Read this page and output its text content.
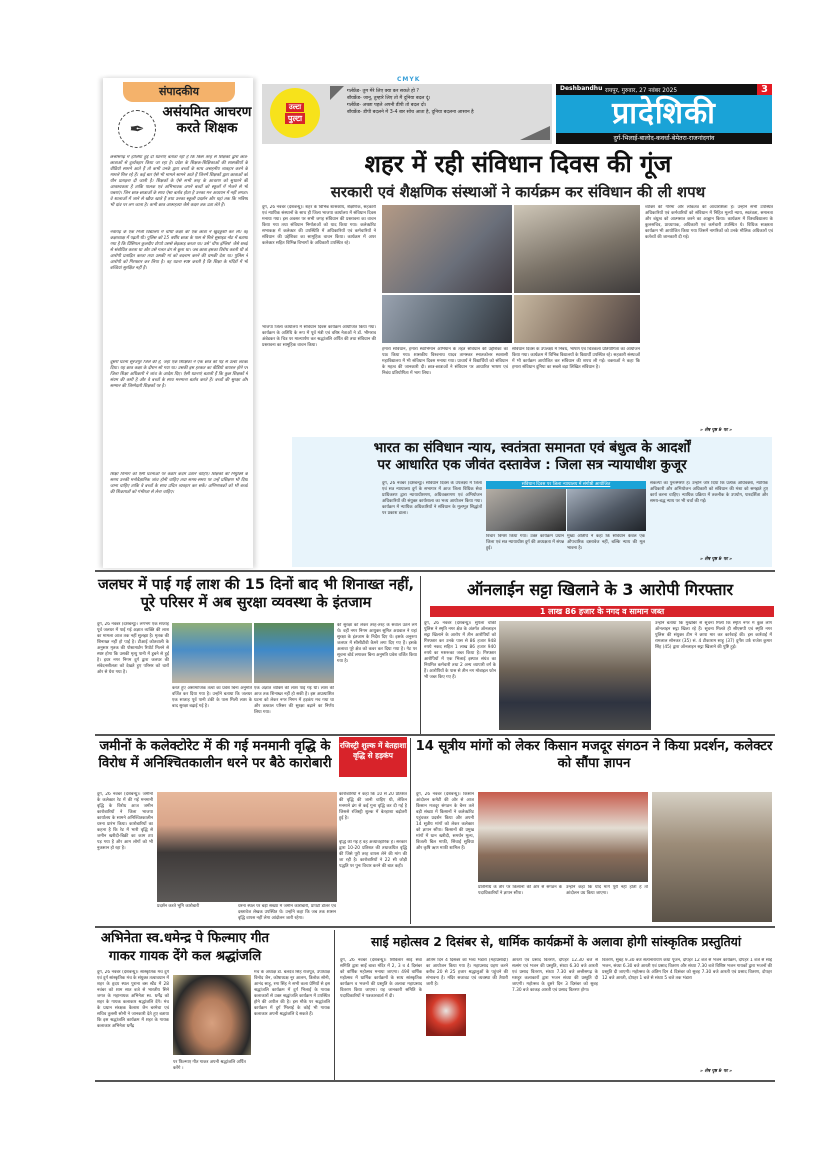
CMYK
संपादकीय
✒
असंयमित आचरण करते शिक्षक
छत्तीसगढ़ में हालिया हुई दो घटनाएं बताता रही हैं कि किस तरह से शिक्षकों द्वारा छात्र-छात्राओं से दुर्व्यवहार किया जा रहा है। प्रदेश के शिक्षक-शिक्षिकाओं की शासकीयों के वीडियो सामने आते हैं तो कभी उनके द्वारा बच्चों के साथ असहनीय व्यवहार करने के मामले मिल रहे हैं। कई बार ऐसे भी मामले सामने आते हैं जिनमें शिक्षकों द्वारा छात्राओं को यौन प्रताड़ना दी जाती है। शिक्षकों के ऐसे सभी तरह के आचरण को सुधारने की आवश्यकता है ताकि पालक एवं अभिभावक अपने बच्चों को स्कूलों में भेजने से भी घबराएं। जिन छात्र-छात्राओं के साथ ऐसा बर्ताव होता है उनका मन अध्ययन में नहीं लगता। वे शालाओं में जाने से खौफ खाते हैं तथा उनका स्कूली प्रदर्शन और यहां तक कि भविष्य भी दांव पर लग जाता है। कभी छात्र आत्महत्या जैसे कदम तक उठा लेते हैं।
नवागढ़ के एक निजी विद्यालय में चौथी कक्षा की एक छात्रा ने खुदकुशी कर ली। वह कक्षाध्यक्ष में पढ़ती थी। पुलिस को 15 वर्षीय छात्रा के पास से मिले सुसाइड नोट में बताया गया है कि प्रिंसिपल कुलदीप टोप्पो उससे छेड़छाड़ करता था। उसे 'चीफ इंग्लिश' जैसे शब्दों से संबोधित करता था और उसे गलत ढंग से छूता था। जब छात्रा इसका विरोध करती थी तो आरोपी प्रताड़ित करता तथा उसकी मां को बदनाम करने की धमकी देता था। पुलिस ने आरोपी को गिरफ्तार कर लिया है। वह घटना स्पष्ट करती है कि शिक्षा के मंदिरों में भी बच्चियां सुरक्षित नहीं हैं।
दूसरी घटना सूरजपुर जिले की है, जहां एक शिक्षिका ने एक छात्र को पेड़ से उल्टा लटका दिया। यह छात्र कक्षा के दौरान सो गया था। उसकी इस हरकत का वीडियो वायरल होने पर जिला शिक्षा अधिकारी ने जांच के आदेश दिए। ऐसी घटनाएं बताती हैं कि कुछ शिक्षकों में संयम की कमी है और वे बच्चों के साथ मनमाना बर्ताव करते हैं। बच्चों की सुरक्षा और सम्मान की जिम्मेदारी शिक्षकों पर है।
शिक्षा विभाग को ऐसी घटनाओं पर कठोर कदम उठाने चाहिए। शिक्षकों की नियुक्ति के समय उनकी मनोवैज्ञानिक जांच होनी चाहिए तथा समय-समय पर उन्हें प्रशिक्षण भी दिया जाना चाहिए ताकि वे बच्चों के साथ उचित व्यवहार कर सकें। अभिभावकों को भी बच्चों की शिकायतों को गंभीरता से लेना चाहिए।
उल्टा
पुल्टा
गर्लफ्रेंड- तुम मेरे लिए क्या कर सकते हो ?
बॉयफ्रेंड- जानू, तुम्हारे लिए तो मैं दुनिया बदल दूं।
गर्लफ्रेंड- अच्छा पहले अपनी डीपी तो बदल दो।
बॉयफ्रेंड- डीपी बदलने में 3-4 बार सोच आता है, दुनिया बदलना आसान है
Deshbandhu रायपुर, गुरुवार, 27 नवंबर 2025	3
प्रादेशिकी
दुर्ग-भिलाई-बालोद-कवर्धा-बेमेतरा-राजनांदगांव
शहर में रही संविधान दिवस की गूंज
सरकारी एवं शैक्षणिक संस्थाओं ने कार्यक्रम कर संविधान की ली शपथ
दुर्ग, 26 नवंबर (देशबन्धु)। शहर के विभिन्न शासकीय, शैक्षणिक, सहकारी एवं न्यायिक संस्थानों के साथ ही जिला भाजपा कार्यालय में संविधान दिवस मनाया गया। इस अवसर पर सभी जगह संविधान की प्रस्तावना का वाचन किया गया तथा संविधान निर्माताओं को याद किया गया। कलेक्टोरेट सभाकक्ष में कलेक्टर की उपस्थिति में अधिकारियों एवं कर्मचारियों ने संविधान की उद्देशिका का सामूहिक वाचन किया। कार्यक्रम में अपर कलेक्टर सहित विभिन्न विभागों के अधिकारी उपस्थित रहे।
भाजपा जिला कार्यालय में संविधान दिवस कार्यक्रम आयोजित किया गया। कार्यक्रम के अतिथि के रूप में पूर्व मंत्री एवं वरिष्ठ नेताओं ने डॉ. भीमराव अंबेडकर के चित्र पर माल्यार्पण कर श्रद्धांजलि अर्पित की तथा संविधान की प्रस्तावना का सामूहिक वाचन किया।
हमारा संविधान, हमारा स्वाभिमान अभियान के तहत संविधान की उद्देशिका का पाठ किया गया। शासकीय विश्वनाथ यादव तामस्कर स्नातकोत्तर स्वशासी महाविद्यालय में भी संविधान दिवस मनाया गया। प्राचार्य ने विद्यार्थियों को संविधान के महत्व की जानकारी दी। छात्र-छात्राओं ने संविधान पर आधारित भाषण एवं निबंध प्रतियोगिता में भाग लिया।
संविधान दिवस के उपलक्ष्य में निबंध, भाषण एवं चित्रकला प्रतियोगिता का आयोजन किया गया। कार्यक्रम में विभिन्न विद्यालयों के विद्यार्थी उपस्थित रहे। सहकारी संस्थाओं में भी कार्यक्रम आयोजित कर संविधान की शपथ ली गई। वक्ताओं ने कहा कि हमारा संविधान दुनिया का सबसे बड़ा लिखित संविधान है।
व्यक्ति की गरिमा और लोकतंत्र की आधारशिला है। उन्होंने सभी उपस्थित अधिकारियों एवं कर्मचारियों को संविधान में निहित मूल्यों न्याय, स्वतंत्रता, समानता और बंधुत्व को आत्मसात करने का आह्वान किया। कार्यक्रम में विश्वविद्यालय के कुलसचिव, प्राध्यापक, अधिकारी एवं कर्मचारी उपस्थित थे। विधिक साक्षरता कार्यक्रम भी आयोजित किया गया जिसमें नागरिकों को उनके मौलिक अधिकारों एवं कर्तव्यों की जानकारी दी गई।
» शेष पृष्ठ 9 पर »
भारत का संविधान न्याय, स्वतंत्रता समानता एवं बंधुत्व के आदर्शों
पर आधारित एक जीवंत दस्तावेज : जिला सत्र न्यायाधीश कुजूर
दुर्ग, 26 नवंबर (देशबन्धु)। संविधान दिवस के उपलक्ष्य में जिला एवं सत्र न्यायालय दुर्ग के सभागार में आज जिला विधिक सेवा प्राधिकरण द्वारा न्यायाधीशगण, अधिवक्तागण एवं अभियोजन अधिकारियों की संयुक्त कार्यशाला का भव्य आयोजन किया गया। कार्यक्रम में न्यायिक अधिकारियों ने संविधान के मूलभूत सिद्धांतों पर प्रकाश डाला।
संविधान दिवस पर जिला न्यायालय में संगोष्ठी आयोजित
विचार विमर्श किया गया। उक्त कार्यक्रम प्रधान जिला एवं सत्र न्यायाधीश दुर्ग की अध्यक्षता में संपन्न हुई।
मुख्य अतिथि ने कहा कि संविधान केवल एक औपचारिक दस्तावेज नहीं, बल्कि न्याय की मूल भावना है।
संकल्पों का पुनःस्मरण है। उन्होंने जोर दिया कि प्रत्येक अधिवक्ता, न्यायिक अधिकारी और अभियोजन अधिकारी को संविधान की मंशा को समझते हुए कार्य करना चाहिए। न्यायिक प्रक्रिया में तकनीक के उपयोग, पारदर्शिता और समय-बद्ध न्याय पर भी चर्चा की गई।
» शेष पृष्ठ 9 पर »
जलघर में पाई गई लाश की 15 दिनों बाद भी शिनाख्त नहीं, पूरे परिसर में अब सुरक्षा व्यवस्था के इंतजाम
दुर्ग, 26 नवंबर (देशबन्धु)। लगभग एक सप्ताह पूर्व जलघर में पाई गई अज्ञात व्यक्ति की लाश का मामला आज तक नहीं सुलझा है। मृतक की शिनाख्त नहीं हो पाई है। टीआई कोतवाली के अनुसार मृतक की पोस्टमार्टम रिपोर्ट मिलने से स्पष्ट होगा कि उसकी मृत्यु पानी में डूबने से हुई है। इधर नगर निगम दुर्ग द्वारा जलघर की संवेदनशीलता को देखते हुए परिसर को चारों ओर से घेरा गया है।
करते हुए असामाजिक तत्वों का प्रवेश बिना अनुमति वर्जित कर दिया गया है। उन्होंने बताया कि जलघर एक सप्ताह पूर्व पानी टंकी के पास मिली लाश के बाद सुरक्षा बढ़ाई गई है।
एक अज्ञात व्यक्ति की लाश पाई गई थी। लाश की आज तक शिनाख्त नहीं हो सकी है। इस अप्रत्याशित घटना को लेकर नगर निगम में हड़कंप मच गया था और तत्काल परिसर की सुरक्षा बढ़ाने का निर्णय लिया गया।
की सुरक्षा को लेकर तरह-तरह के सवाल उठने लगे थे। वहीं नगर निगम आयुक्त सुमित अग्रवाल ने यहां सुरक्षा के इंतजाम के निर्देश दिए थे। इसके अनुरूप जलघर में सीसीटीवी कैमरे लगा दिए गए हैं। इसके अलावा पूरे क्षेत्र को कवर कर दिया गया है। गेट पर सूचना बोर्ड लगाकर बिना अनुमति प्रवेश वर्जित किया गया है।
ऑनलाईन सट्टा खिलाने के 3 आरोपी गिरफ्तार
1 लाख 86 हजार के नगद व सामान जब्त
दुर्ग, 26 नवंबर (देशबन्धु)। सुपेला चौकी पुलिस ने स्मृति नगर क्षेत्र के अंतर्गत ऑनलाइन सट्टा खिलाने के आरोप में तीन आरोपियों को गिरफ्तार कर उनके पास से 86 हजार 948 रुपये नकद सहित 1 लाख 86 हजार 940 रुपये का मशरूका जब्त किया है। गिरफ्तार आरोपियों में एक भिलाई इस्पात संयंत्र का नियमित कर्मचारी तथा 2 अन्य व्यापारी वर्ग के हैं। आरोपियों के पास से तीन नग मोबाइल फोन भी जब्त किए गए हैं।
उन्होंने बताया कि मुखबिर से सूचना मिली कि स्मृति नगर में कुछ लोग ऑनलाइन सट्टा खिला रहे हैं। सूचना मिलते ही सीएसपी एवं स्मृति नगर पुलिस की संयुक्त टीम ने छापा मार कर कार्रवाई की। इस कार्रवाई में रामलाल सोनकर (35) सं. 4 टीकाराम साहू (37) दुर्गेश उर्फ राजेश कुमार सिंह (45) द्वारा ऑनलाइन सट्टा खिलाने की पुष्टि हुई।
जमीनों के कलेक्टोरेट में की गई मनमानी वृद्धि के विरोध में अनिश्चितकालीन धरने पर बैठे कारोबारी
रजिस्ट्री शुल्क में बेतहाशा वृद्धि से हड़कंप
दुर्ग, 26 नवंबर (देशबन्धु)। जमीनों के कलेक्टर रेट में की गई मनमानी वृद्धि के विरोध आज जमीन कारोबारियों ने जिला भाजपा कार्यालय के सामने अनिश्चितकालीन धरना प्रारंभ किया। कारोबारियों का कहना है कि रेट में भारी वृद्धि से जमीन खरीदी-बिक्री का काम ठप पड़ गया है और आम लोगों को भी नुकसान हो रहा है।
प्रदर्शन करते भूमि कारोबारी	धरना स्थल पर बड़ी संख्या में जमीन कारोबारी, प्रॉपर्टी डीलर एवं दस्तावेज लेखक उपस्थित थे। उन्होंने कहा कि जब तक शासन वृद्धि वापस नहीं लेगा आंदोलन जारी रहेगा।
कारोबारियों ने कहा कि 10 से 20 प्रतिशत की वृद्धि की जानी चाहिए थी, लेकिन मनमाने ढंग से कई गुना वृद्धि कर दी गई है जिससे रजिस्ट्री शुल्क में बेतहाशा बढ़ोतरी हुई है।
वृद्धि की गई है वह अव्यावहारिक है। सरकार द्वारा 10-20 प्रतिशत की तथाकथित वृद्धि की जिसे पूरी तरह वापस लेने की मांग की जा रही है। कारोबारियों ने 22 सी जोड़ी पद्धति पर पुनः विचार करने की बात कही।
14 सूत्रीय मांगों को लेकर किसान मजदूर संगठन ने किया प्रदर्शन, कलेक्टर को सौंपा ज्ञापन
दुर्ग, 26 नवंबर (देशबन्धु)। किसान आंदोलन कमेटी की ओर से आज किसान मजदूर संगठन के बैनर तले बड़ी संख्या में किसानों ने कलेक्टोरेट पहुंचकर प्रदर्शन किया और अपनी 14 सूत्रीय मांगों को लेकर कलेक्टर को ज्ञापन सौंपा। किसानों की प्रमुख मांगों में धान खरीदी, समर्थन मूल्य, बिजली बिल माफी, सिंचाई सुविधा और कृषि ऋण माफी शामिल हैं।
प्रतिनिधि के तौर पर किसानों की ओर से संगठन के पदाधिकारियों ने ज्ञापन सौंपा।
उन्होंने कहा कि यदि मांगें पूरी नहीं होती हैं तो आंदोलन उग्र किया जाएगा।
अभिनेता स्व.धमेन्द्र पे फिल्माए गीत गाकर गायक देंगे कल श्रद्धांजलि
दुर्ग, 26 नवंबर (देशबन्धु)। सांस्कृतिक मंच दुर्ग एवं दुर्ग सांस्कृतिक मंच के संयुक्त तत्वावधान में शहर के हृदय स्थल पुराना बस स्टैंड में 28 नवंबर को शाम सात बजे से भारतीय सिने जगत के महानायक अभिनेता स्व. धर्मेंद्र को शहर के गायक कलाकार श्रद्धांजलि देंगे। मंच के प्रधान संरक्षक कैलाश जैन बरमेचा एवं सचिव तुलसी सोनी ने जानकारी देते हुए बताया कि इस श्रद्धांजलि कार्यक्रम में शहर के गायक कलाकार अभिनेता धर्मेंद्र
पर फिल्माए गीत गाकर अपनी श्रद्धांजलि अर्पित करेंगे ।
मंच के अध्यक्ष डॉ. बलदेव सिंह राजपूत, उपाध्यक्ष विनोद जैन, कोषाध्यक्ष नूर आलम, त्रिलोक सोनी, आनंद साहू, रमा सिंह ने सभी कला प्रेमियों से इस श्रद्धांजलि कार्यक्रम में दुर्ग भिलाई के गायक कलाकारों से उक्त श्रद्धांजलि कार्यक्रम में उपस्थित होने की अपील की है। इस मौके पर श्रद्धांजलि कार्यक्रम में दुर्ग भिलाई के कोई भी गायक कलाकार अपनी श्रद्धांजलि दे सकते हैं।
साई महोत्सव 2 दिसंबर से, धार्मिक कार्यक्रमों के अलावा होगी सांस्कृतिक प्रस्तुतियां
दुर्ग, 26 नवंबर (देशबन्धु)। शिविलार साईं सेवा समिति द्वारा साईं बाबा मंदिर में 2, 3 व 4 दिसंबर को वार्षिक महोत्सव मनाया जाएगा। 49वें वार्षिक महोत्सव में धार्मिक कार्यक्रमों के साथ सांस्कृतिक कार्यक्रम व भजनों की प्रस्तुति के अलावा महाप्रसाद वितरण किया जाएगा। यह जानकारी समिति के पदाधिकारियों ने पत्रकारवार्ता में दी।
अंतिम दिन 4 दिसंबर को भव्य भंडारा (महाप्रसादी) का आयोजन किया गया है। महाप्रसाद ग्रहण करने करीब 20 से 25 हजार श्रद्धालुओं के पहुंचने की संभावना है। मंदिर सजावट एवं व्यवस्था की तैयारी जारी है।
आरती एवं प्रसाद वितरण, दोपहर 12.30 बजे से सत्संग एवं भजन की प्रस्तुति, संध्या 6.30 बजे आरती एवं प्रसाद वितरण, संध्या 7.30 बजे छत्तीसगढ़ के मशहूर कलाकारों द्वारा भजन संध्या की प्रस्तुति दी जाएगी। महोत्सव के दूसरे दिन 3 दिसंबर को सुबह 7.30 बजे काकड़ आरती एवं प्रसाद वितरण होगा।
वितरण, सुबह 9.30 बजे सत्यनारायण कथा पूजन, दोपहर 12 बजे से भजन कार्यक्रम, दोपहर 1 बजे से साईं भजन, संध्या 6.30 बजे आरती एवं प्रसाद वितरण और संध्या 7.30 बजे विशिष्ट भजन गायकों द्वारा भजनों की प्रस्तुति दी जाएगी। महोत्सव के अंतिम दिन 4 दिसंबर को सुबह 7.30 बजे आरती एवं प्रसाद वितरण, दोपहर 12 बजे आरती, दोपहर 1 बजे से संध्या 5 बजे तक भंडारा
» शेष पृष्ठ 9 पर »
